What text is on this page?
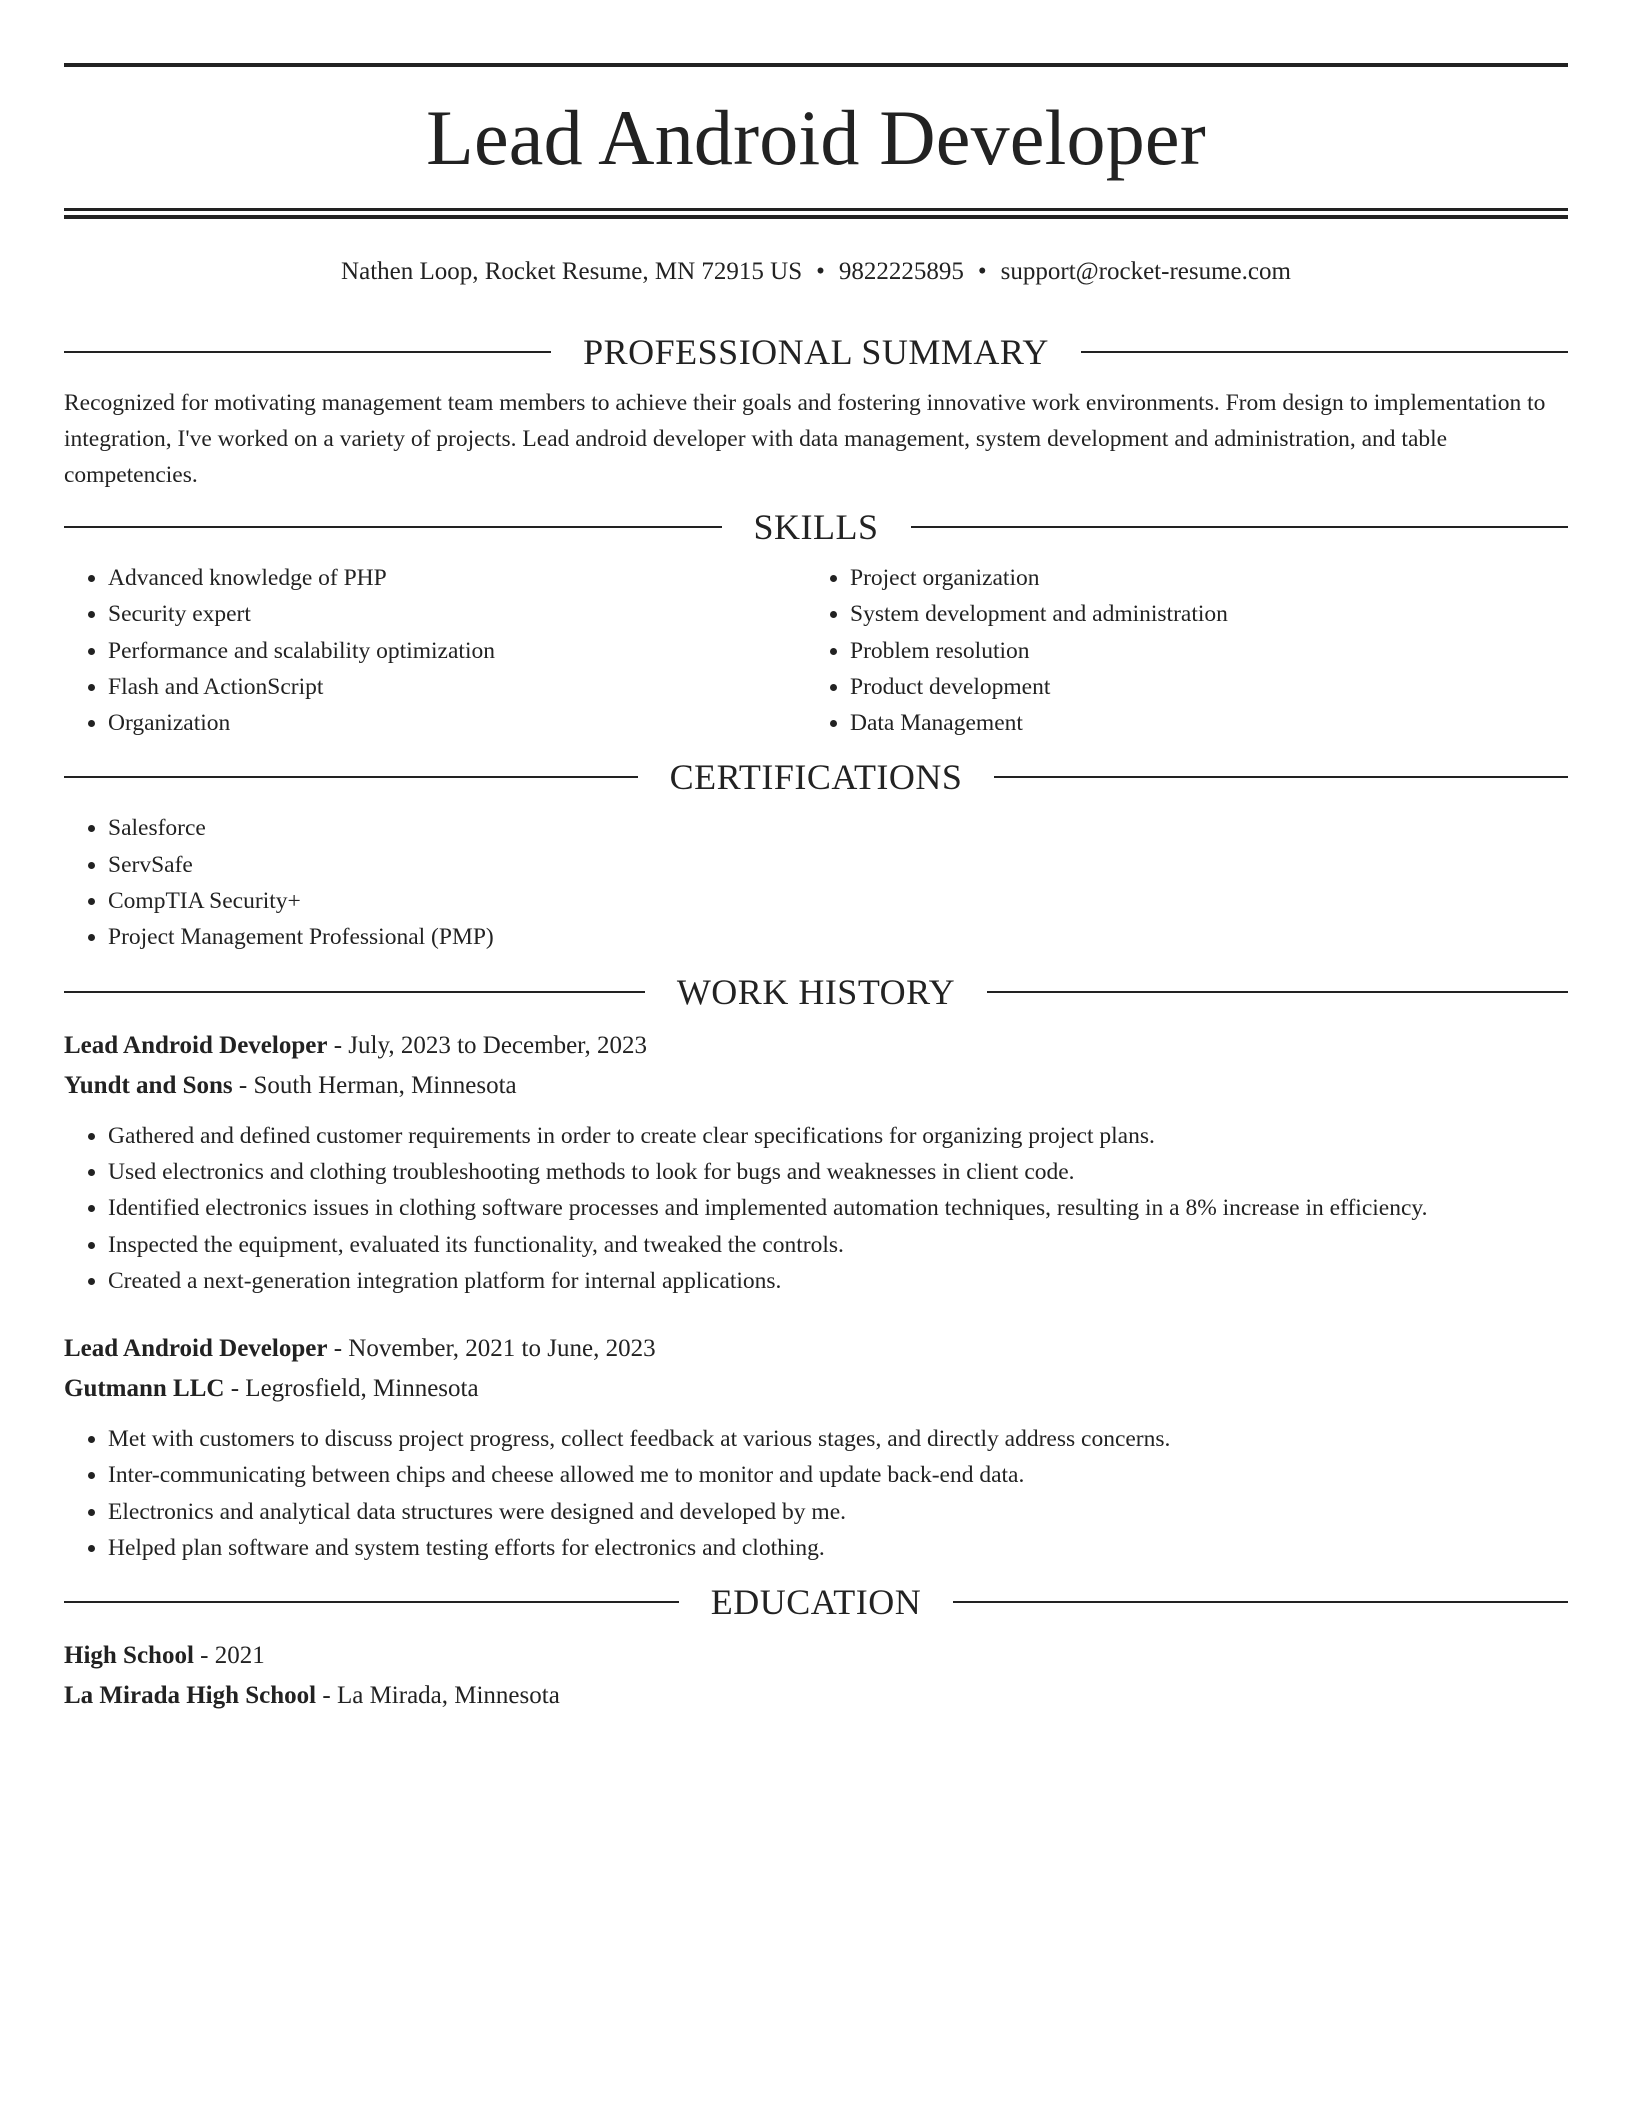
Lead Android Developer
Nathen Loop, Rocket Resume, MN 72915 US • 9822225895 • support@rocket-resume.com
PROFESSIONAL SUMMARY

Recognized for motivating management team members to achieve their goals and fostering innovative work environments. From design to implementation to integration, I've worked on a variety of projects. Lead android developer with data management, system development and administration, and table competencies.

SKILLS
• Advanced knowledge of PHP
• Security expert
• Performance and scalability optimization
• Flash and ActionScript
• Organization
• Project organization
• System development and administration
• Problem resolution
• Product development
• Data Management
CERTIFICATIONS
• Salesforce
• ServSafe
• CompTIA Security+
• Project Management Professional (PMP)
WORK HISTORY
Lead Android Developer - July, 2023 to December, 2023
Yundt and Sons - South Herman, Minnesota
• Gathered and defined customer requirements in order to create clear specifications for organizing project plans.
• Used electronics and clothing troubleshooting methods to look for bugs and weaknesses in client code.
• Identified electronics issues in clothing software processes and implemented automation techniques, resulting in a 8% increase in efficiency.
• Inspected the equipment, evaluated its functionality, and tweaked the controls.
• Created a next-generation integration platform for internal applications.
Lead Android Developer - November, 2021 to June, 2023
Gutmann LLC - Legrosfield, Minnesota
• Met with customers to discuss project progress, collect feedback at various stages, and directly address concerns.
• Inter-communicating between chips and cheese allowed me to monitor and update back-end data.
• Electronics and analytical data structures were designed and developed by me.
• Helped plan software and system testing efforts for electronics and clothing.
EDUCATION
High School - 2021
La Mirada High School - La Mirada, Minnesota
